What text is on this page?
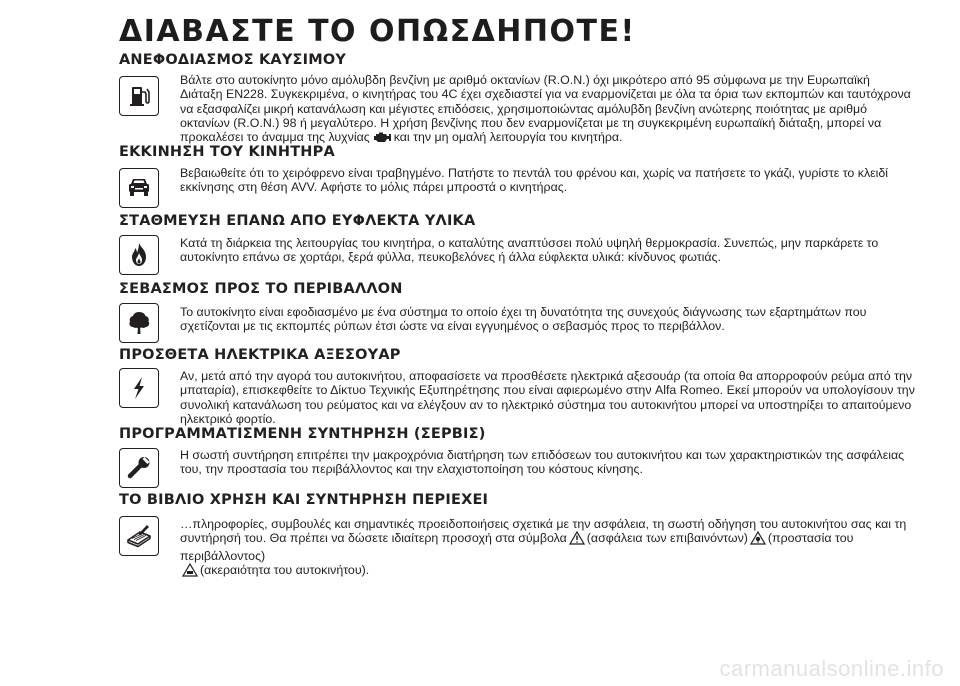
ΔΙΑΒΑΣΤΕ ΤΟ ΟΠΩΣΔΗΠΟΤΕ!
ΑΝΕΦΟΔΙΑΣΜΟΣ ΚΑΥΣΙΜΟΥ

Βάλτε στο αυτοκίνητο μόνο αμόλυβδη βενζίνη με αριθμό οκτανίων (R.O.N.) όχι μικρότερο από 95 σύμφωνα με την Ευρωπαϊκή Διάταξη EN228. Συγκεκριμένα, ο κινητήρας του 4C έχει σχεδιαστεί για να εναρμονίζεται με όλα τα όρια των εκπομπών και ταυτόχρονα να εξασφαλίζει μικρή κατανάλωση και μέγιστες επιδόσεις, χρησιμοποιώντας αμόλυβδη βενζίνη ανώτερης ποιότητας με αριθμό οκτανίων (R.O.N.) 98 ή μεγαλύτερο. Η χρήση βενζίνης που δεν εναρμονίζεται με τη συγκεκριμένη ευρωπαϊκή διάταξη, μπορεί να προκαλέσει το άναμμα της λυχνίας και την μη ομαλή λειτουργία του κινητήρα.

ΕΚΚΙΝΗΣΗ ΤΟΥ ΚΙΝΗΤΗΡΑ

Βεβαιωθείτε ότι το χειρόφρενο είναι τραβηγμένο. Πατήστε το πεντάλ του φρένου και, χωρίς να πατήσετε το γκάζι, γυρίστε το κλειδί εκκίνησης στη θέση AVV. Αφήστε το μόλις πάρει μπροστά ο κινητήρας.

ΣΤΑΘΜΕΥΣΗ ΕΠΑΝΩ ΑΠΟ ΕΥΦΛΕΚΤΑ ΥΛΙΚΑ

Κατά τη διάρκεια της λειτουργίας του κινητήρα, ο καταλύτης αναπτύσσει πολύ υψηλή θερμοκρασία. Συνεπώς, μην παρκάρετε το αυτοκίνητο επάνω σε χορτάρι, ξερά φύλλα, πευκοβελόνες ή άλλα εύφλεκτα υλικά: κίνδυνος φωτιάς.

ΣΕΒΑΣΜΟΣ ΠΡΟΣ ΤΟ ΠΕΡΙΒΑΛΛΟΝ

Το αυτοκίνητο είναι εφοδιασμένο με ένα σύστημα το οποίο έχει τη δυνατότητα της συνεχούς διάγνωσης των εξαρτημάτων που σχετίζονται με τις εκπομπές ρύπων έτσι ώστε να είναι εγγυημένος ο σεβασμός προς το περιβάλλον.

ΠΡΟΣΘΕΤΑ ΗΛΕΚΤΡΙΚΑ ΑΞΕΣΟΥΑΡ

Αν, μετά από την αγορά του αυτοκινήτου, αποφασίσετε να προσθέσετε ηλεκτρικά αξεσουάρ (τα οποία θα απορροφούν ρεύμα από την μπαταρία), επισκεφθείτε το Δίκτυο Τεχνικής Εξυπηρέτησης που είναι αφιερωμένο στην Alfa Romeo. Εκεί μπορούν να υπολογίσουν την συνολική κατανάλωση του ρεύματος και να ελέγξουν αν το ηλεκτρικό σύστημα του αυτοκινήτου μπορεί να υποστηρίξει το απαιτούμενο ηλεκτρικό φορτίο.

ΠΡΟΓΡΑΜΜΑΤΙΣΜΕΝΗ ΣΥΝΤΗΡΗΣΗ (ΣΕΡΒΙΣ)

Η σωστή συντήρηση επιτρέπει την μακροχρόνια διατήρηση των επιδόσεων του αυτοκινήτου και των χαρακτηριστικών της ασφάλειας του, την προστασία του περιβάλλοντος και την ελαχιστοποίηση του κόστους κίνησης.

ΤΟ ΒΙΒΛΙΟ ΧΡΗΣΗ ΚΑΙ ΣΥΝΤΗΡΗΣΗ ΠΕΡΙΕΧΕΙ

…πληροφορίες, συμβουλές και σημαντικές προειδοποιήσεις σχετικά με την ασφάλεια, τη σωστή οδήγηση του αυτοκινήτου σας και τη συντήρησή του. Θα πρέπει να δώσετε ιδιαίτερη προσοχή στα σύμβολα (ασφάλεια των επιβαινόντων) (προστασία του περιβάλλοντος)
(ακεραιότητα του αυτοκινήτου).

carmanualsonline.info
